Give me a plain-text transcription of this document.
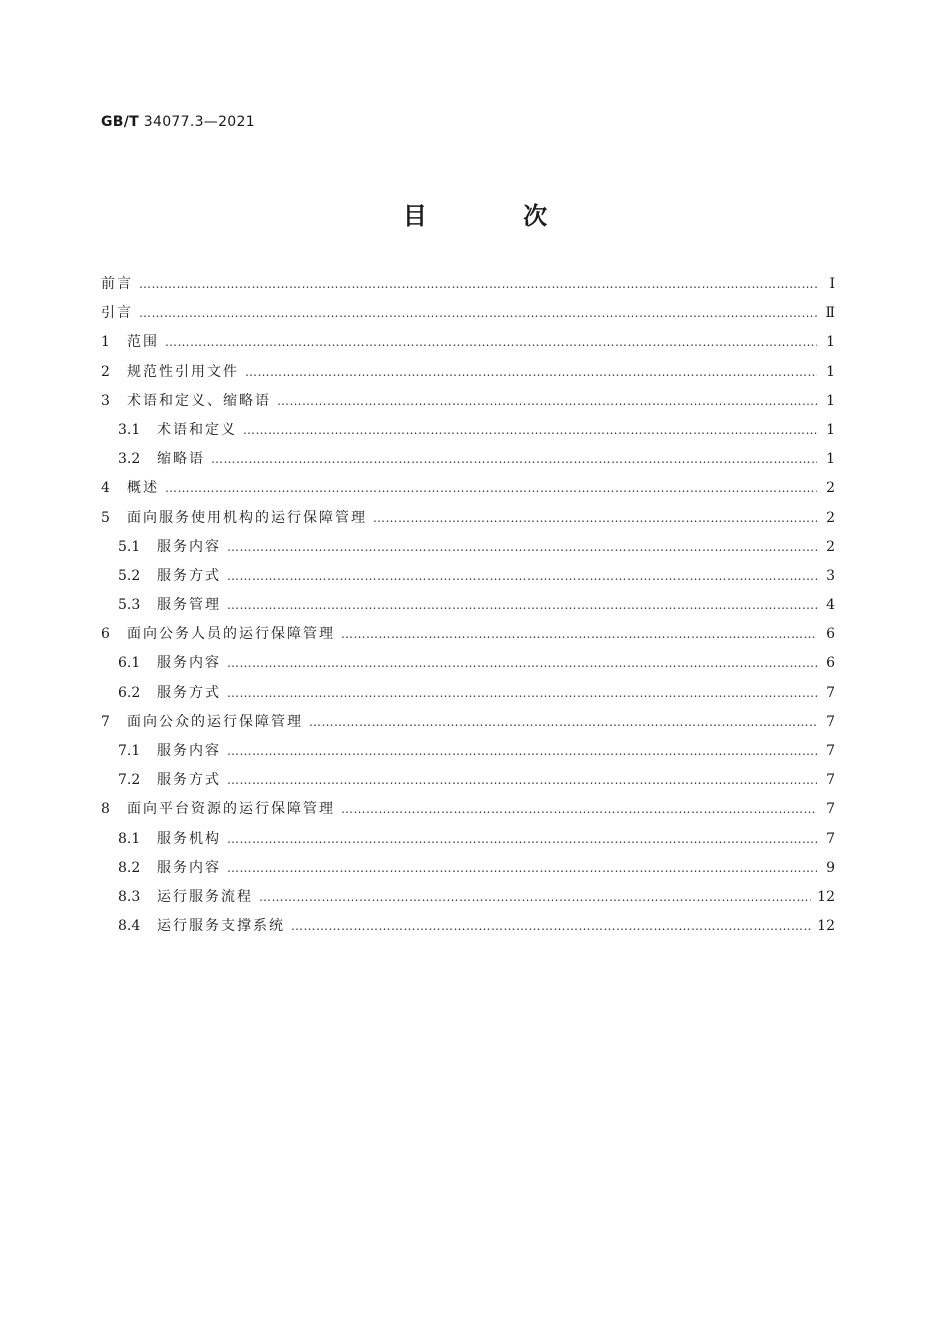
GB/T 34077.3—2021
目 次
前言 ……………………………………………………………………………………………………………………………………………………………………………………………………………………	Ⅰ
引言 ……………………………………………………………………………………………………………………………………………………………………………………………………………………	Ⅱ
1	范围 ……………………………………………………………………………………………………………………………………………………………………………………………………………………	1
2	规范性引用文件 ……………………………………………………………………………………………………………………………………………………………………………………………………………………	1
3	术语和定义、缩略语 ……………………………………………………………………………………………………………………………………………………………………………………………………………………	1
3.1	术语和定义 ……………………………………………………………………………………………………………………………………………………………………………………………………………………	1
3.2	缩略语 ……………………………………………………………………………………………………………………………………………………………………………………………………………………	1
4	概述 ……………………………………………………………………………………………………………………………………………………………………………………………………………………	2
5	面向服务使用机构的运行保障管理 ……………………………………………………………………………………………………………………………………………………………………………………………………………………	2
5.1	服务内容 ……………………………………………………………………………………………………………………………………………………………………………………………………………………	2
5.2	服务方式 ……………………………………………………………………………………………………………………………………………………………………………………………………………………	3
5.3	服务管理 ……………………………………………………………………………………………………………………………………………………………………………………………………………………	4
6	面向公务人员的运行保障管理 ……………………………………………………………………………………………………………………………………………………………………………………………………………………	6
6.1	服务内容 ……………………………………………………………………………………………………………………………………………………………………………………………………………………	6
6.2	服务方式 ……………………………………………………………………………………………………………………………………………………………………………………………………………………	7
7	面向公众的运行保障管理 ……………………………………………………………………………………………………………………………………………………………………………………………………………………	7
7.1	服务内容 ……………………………………………………………………………………………………………………………………………………………………………………………………………………	7
7.2	服务方式 ……………………………………………………………………………………………………………………………………………………………………………………………………………………	7
8	面向平台资源的运行保障管理 ……………………………………………………………………………………………………………………………………………………………………………………………………………………	7
8.1	服务机构 ……………………………………………………………………………………………………………………………………………………………………………………………………………………	7
8.2	服务内容 ……………………………………………………………………………………………………………………………………………………………………………………………………………………	9
8.3	运行服务流程 ……………………………………………………………………………………………………………………………………………………………………………………………………………………	12
8.4	运行服务支撑系统 ……………………………………………………………………………………………………………………………………………………………………………………………………………………	12
